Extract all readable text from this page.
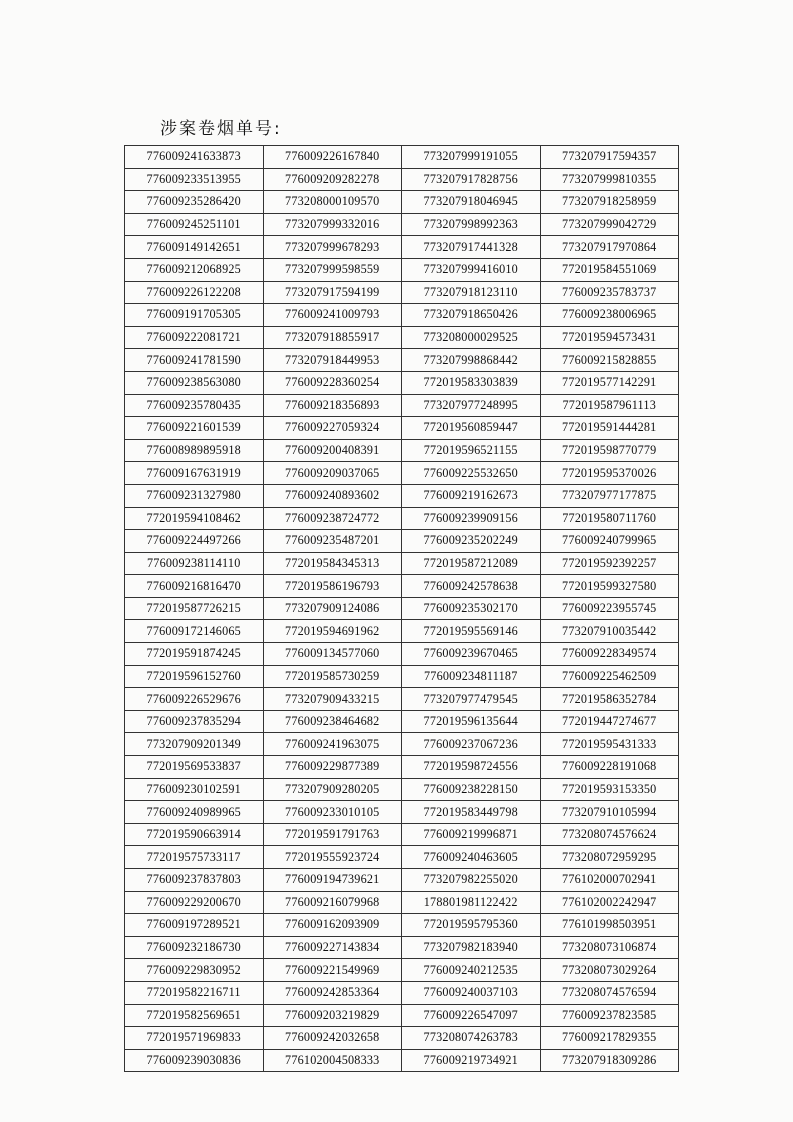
涉案卷烟单号:
776009241633873	776009226167840	773207999191055	773207917594357
776009233513955	776009209282278	773207917828756	773207999810355
776009235286420	773208000109570	773207918046945	773207918258959
776009245251101	773207999332016	773207998992363	773207999042729
776009149142651	773207999678293	773207917441328	773207917970864
776009212068925	773207999598559	773207999416010	772019584551069
776009226122208	773207917594199	773207918123110	776009235783737
776009191705305	776009241009793	773207918650426	776009238006965
776009222081721	773207918855917	773208000029525	772019594573431
776009241781590	773207918449953	773207998868442	776009215828855
776009238563080	776009228360254	772019583303839	772019577142291
776009235780435	776009218356893	773207977248995	772019587961113
776009221601539	776009227059324	772019560859447	772019591444281
776008989895918	776009200408391	772019596521155	772019598770779
776009167631919	776009209037065	776009225532650	772019595370026
776009231327980	776009240893602	776009219162673	773207977177875
772019594108462	776009238724772	776009239909156	772019580711760
776009224497266	776009235487201	776009235202249	776009240799965
776009238114110	772019584345313	772019587212089	772019592392257
776009216816470	772019586196793	776009242578638	772019599327580
772019587726215	773207909124086	776009235302170	776009223955745
776009172146065	772019594691962	772019595569146	773207910035442
772019591874245	776009134577060	776009239670465	776009228349574
772019596152760	772019585730259	776009234811187	776009225462509
776009226529676	773207909433215	773207977479545	772019586352784
776009237835294	776009238464682	772019596135644	772019447274677
773207909201349	776009241963075	776009237067236	772019595431333
772019569533837	776009229877389	772019598724556	776009228191068
776009230102591	773207909280205	776009238228150	772019593153350
776009240989965	776009233010105	772019583449798	773207910105994
772019590663914	772019591791763	776009219996871	773208074576624
772019575733117	772019555923724	776009240463605	773208072959295
776009237837803	776009194739621	773207982255020	776102000702941
776009229200670	776009216079968	178801981122422	776102002242947
776009197289521	776009162093909	772019595795360	776101998503951
776009232186730	776009227143834	773207982183940	773208073106874
776009229830952	776009221549969	776009240212535	773208073029264
772019582216711	776009242853364	776009240037103	773208074576594
772019582569651	776009203219829	776009226547097	776009237823585
772019571969833	776009242032658	773208074263783	776009217829355
776009239030836	776102004508333	776009219734921	773207918309286
